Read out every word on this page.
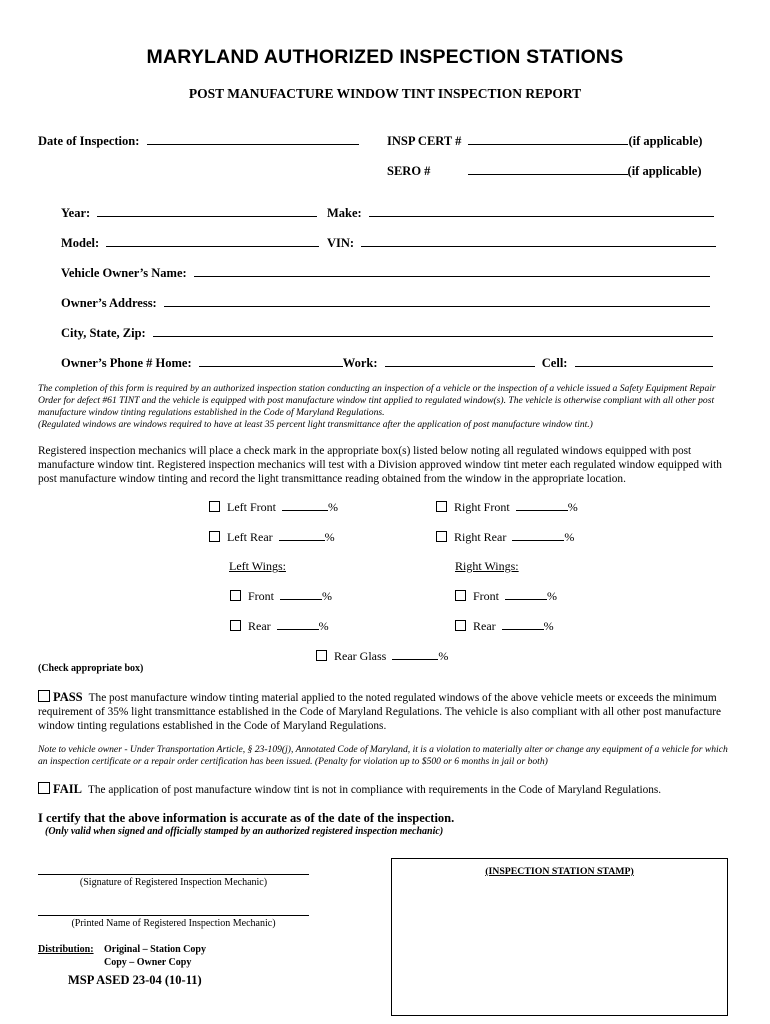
MARYLAND AUTHORIZED INSPECTION STATIONS
POST MANUFACTURE WINDOW TINT INSPECTION REPORT
Date of Inspection:	INSP CERT #	(if applicable)
SERO #	(if applicable)
Year:	Make:
Model:	VIN:
Vehicle Owner’s Name:
Owner’s Address:
City, State, Zip:
Owner’s Phone # Home:	Work:	Cell:
The completion of this form is required by an authorized inspection station conducting an inspection of a vehicle or the inspection of a vehicle issued a Safety Equipment Repair Order for defect #61 TINT and the vehicle is equipped with post manufacture window tint applied to regulated window(s). The vehicle is otherwise compliant with all other post manufacture window tinting regulations established in the Code of Maryland Regulations.
(Regulated windows are windows required to have at least 35 percent light transmittance after the application of post manufacture window tint.)
Registered inspection mechanics will place a check mark in the appropriate box(s) listed below noting all regulated windows equipped with post manufacture window tint. Registered inspection mechanics will test with a Division approved window tint meter each regulated window equipped with post manufacture window tinting and record the light transmittance reading obtained from the window in the appropriate location.
Left Front	%	Right Front	%
Left Rear	%	Right Rear	%
Left Wings:	Right Wings:
Front	%	Front	%
Rear	%	Rear	%
Rear Glass	%
(Check appropriate box)
PASS The post manufacture window tinting material applied to the noted regulated windows of the above vehicle meets or exceeds the minimum requirement of 35% light transmittance established in the Code of Maryland Regulations. The vehicle is also compliant with all other post manufacture window tinting regulations established in the Code of Maryland Regulations.
Note to vehicle owner - Under Transportation Article, § 23-109(j), Annotated Code of Maryland, it is a violation to materially alter or change any equipment of a vehicle for which an inspection certificate or a repair order certification has been issued. (Penalty for violation up to $500 or 6 months in jail or both)
FAIL The application of post manufacture window tint is not in compliance with requirements in the Code of Maryland Regulations.
I certify that the above information is accurate as of the date of the inspection.
(Only valid when signed and officially stamped by an authorized registered inspection mechanic)
(Signature of Registered Inspection Mechanic)
(Printed Name of Registered Inspection Mechanic)
(INSPECTION STATION STAMP)
Distribution: Original – Station Copy
Copy – Owner Copy
MSP ASED 23-04 (10-11)
